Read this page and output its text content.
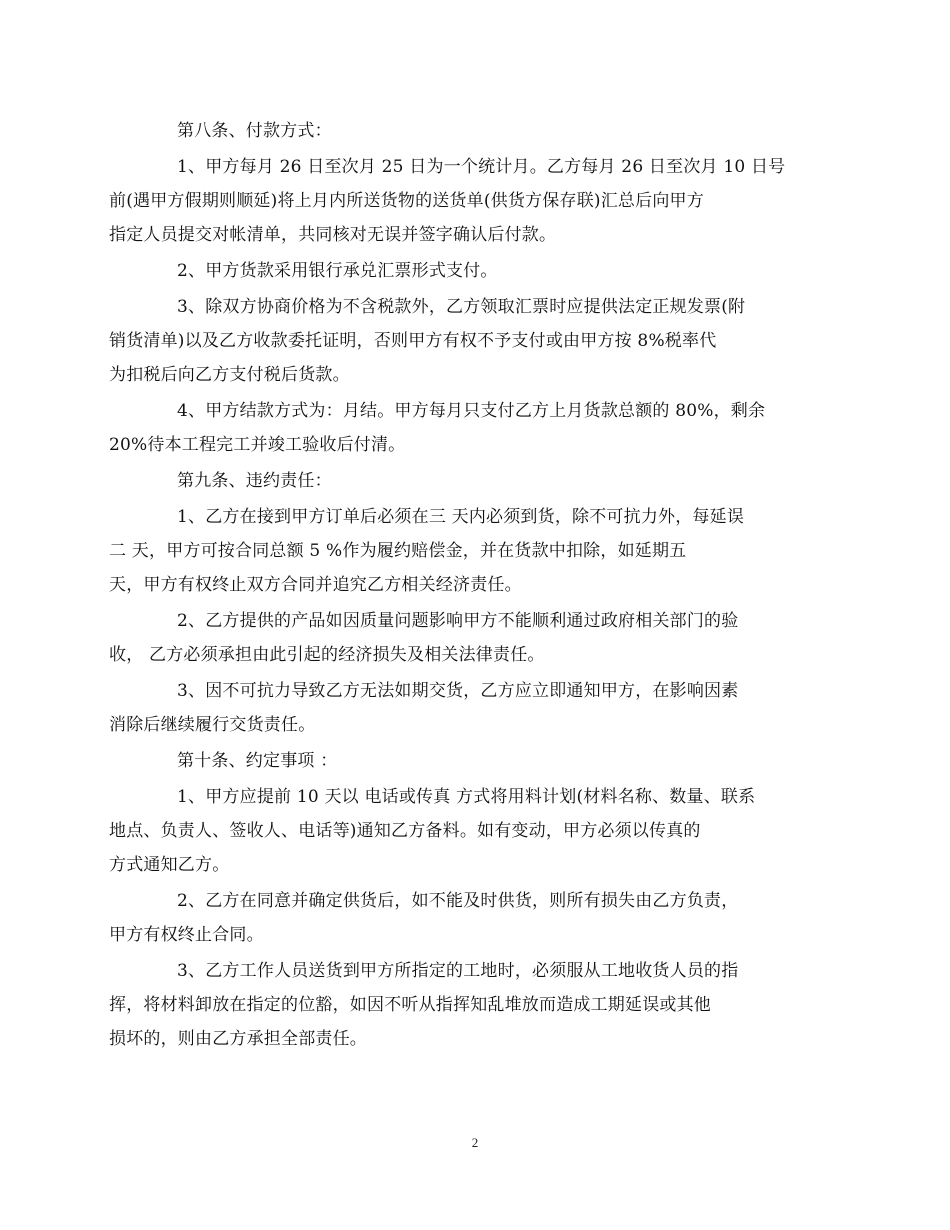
第八条、付款方式：

1、甲方每月 26 日至次月 25 日为一个统计月。乙方每月 26 日至次月 10 日号
前(遇甲方假期则顺延)将上月内所送货物的送货单(供货方保存联)汇总后向甲方
指定人员提交对帐清单，共同核对无误并签字确认后付款。

2、甲方货款采用银行承兑汇票形式支付。

3、除双方协商价格为不含税款外，乙方领取汇票时应提供法定正规发票(附
销货清单)以及乙方收款委托证明，否则甲方有权不予支付或由甲方按 8%税率代
为扣税后向乙方支付税后货款。

4、甲方结款方式为：月结。甲方每月只支付乙方上月货款总额的 80%，剩余
20%待本工程完工并竣工验收后付清。

第九条、违约责任：

1、乙方在接到甲方订单后必须在三 天内必须到货，除不可抗力外，每延误
二 天，甲方可按合同总额 5 %作为履约赔偿金，并在货款中扣除，如延期五
天，甲方有权终止双方合同并追究乙方相关经济责任。

2、乙方提供的产品如因质量问题影响甲方不能顺利通过政府相关部门的验
收， 乙方必须承担由此引起的经济损失及相关法律责任。

3、因不可抗力导致乙方无法如期交货，乙方应立即通知甲方，在影响因素
消除后继续履行交货责任。

第十条、约定事项 ：

1、甲方应提前 10 天以 电话或传真 方式将用料计划(材料名称、数量、联系
地点、负责人、签收人、电话等)通知乙方备料。如有变动，甲方必须以传真的
方式通知乙方。

2、乙方在同意并确定供货后，如不能及时供货，则所有损失由乙方负责，
甲方有权终止合同。

3、乙方工作人员送货到甲方所指定的工地时，必须服从工地收货人员的指
挥，将材料卸放在指定的位豁，如因不听从指挥知乱堆放而造成工期延误或其他
损坏的，则由乙方承担全部责任。

2
